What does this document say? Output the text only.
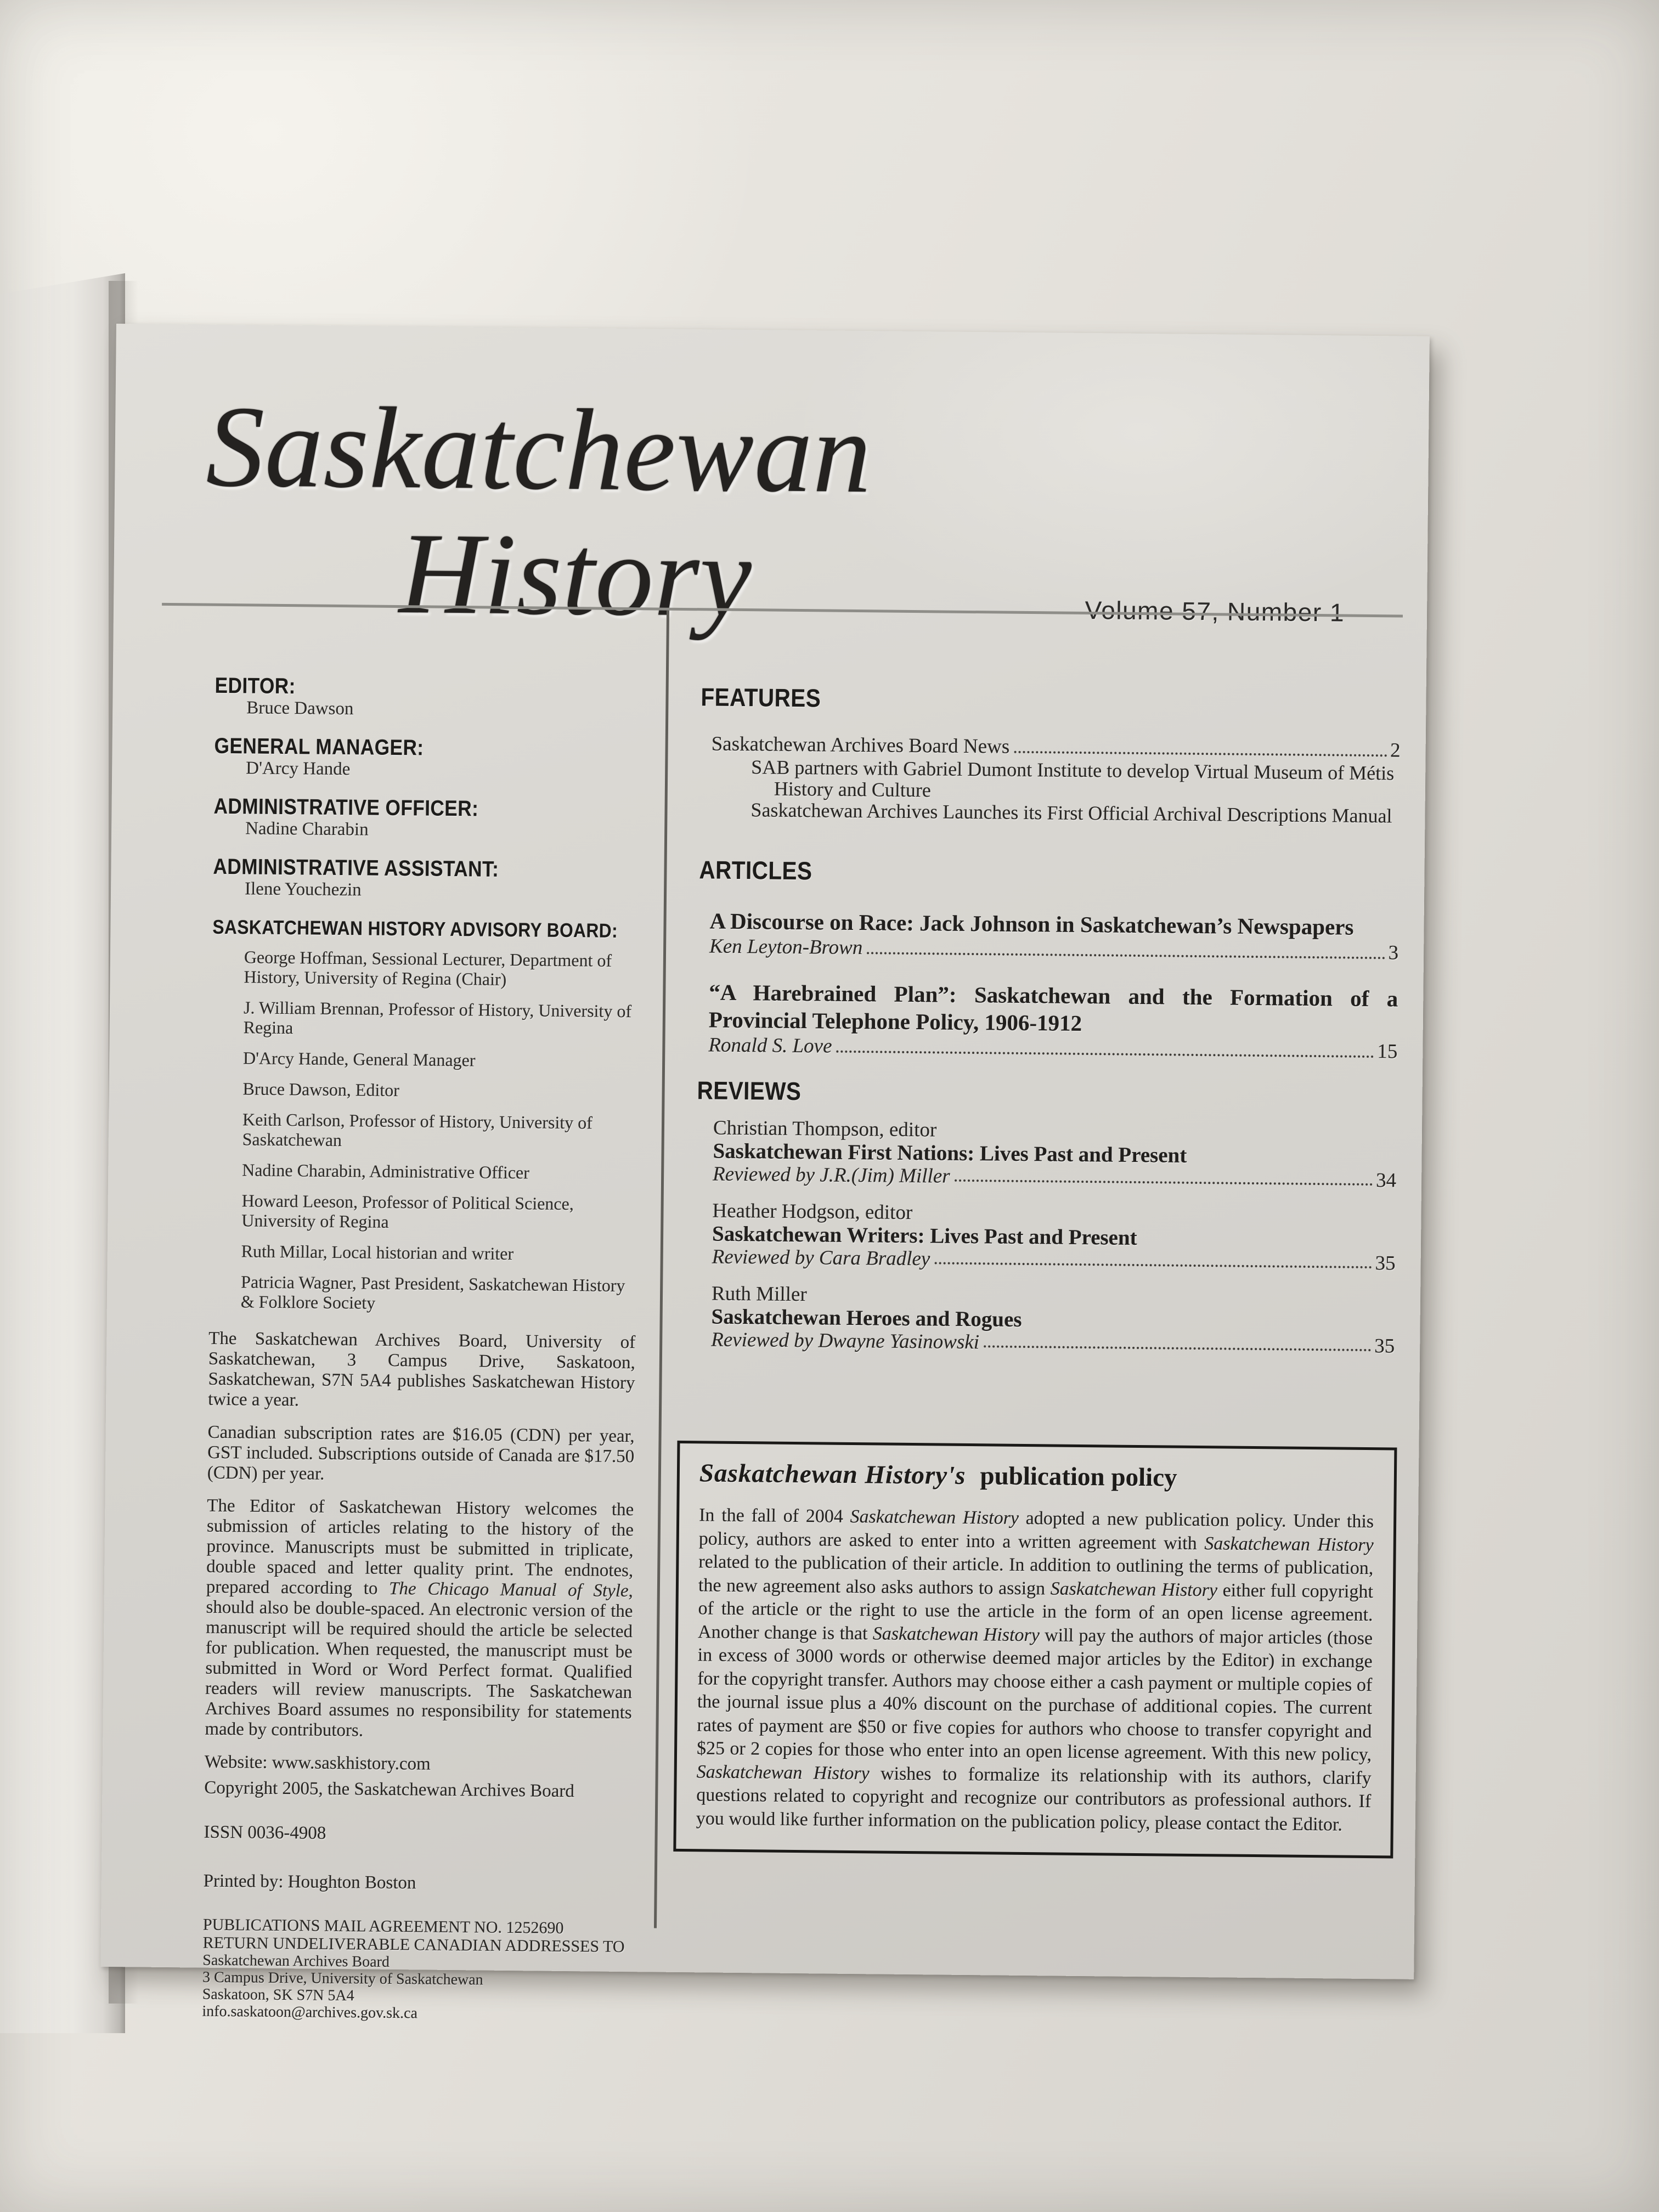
Saskatchewan
History	Volume 57, Number 1
EDITOR:
Bruce Dawson
GENERAL MANAGER:
D'Arcy Hande
ADMINISTRATIVE OFFICER:
Nadine Charabin
ADMINISTRATIVE ASSISTANT:
Ilene Youchezin
SASKATCHEWAN HISTORY ADVISORY BOARD:
George Hoffman, Sessional Lecturer, Department of History, University of Regina (Chair)
J. William Brennan, Professor of History, University of Regina
D'Arcy Hande, General Manager
Bruce Dawson, Editor
Keith Carlson, Professor of History, University of Saskatchewan
Nadine Charabin, Administrative Officer
Howard Leeson, Professor of Political Science, University of Regina
Ruth Millar, Local historian and writer
Patricia Wagner, Past President, Saskatchewan History & Folklore Society

The Saskatchewan Archives Board, University of Saskatchewan, 3 Campus Drive, Saskatoon, Saskatchewan, S7N 5A4 publishes Saskatchewan History twice a year.

Canadian subscription rates are $16.05 (CDN) per year, GST included. Subscriptions outside of Canada are $17.50 (CDN) per year.

The Editor of Saskatchewan History welcomes the submission of articles relating to the history of the province. Manuscripts must be submitted in triplicate, double spaced and letter quality print. The endnotes, prepared according to The Chicago Manual of Style, should also be double-spaced. An electronic version of the manuscript will be required should the article be selected for publication. When requested, the manuscript must be submitted in Word or Word Perfect format. Qualified readers will review manuscripts. The Saskatchewan Archives Board assumes no responsibility for statements made by contributors.

Website: www.saskhistory.com

Copyright 2005, the Saskatchewan Archives Board

ISSN 0036-4908

Printed by: Houghton Boston

PUBLICATIONS MAIL AGREEMENT NO. 1252690
RETURN UNDELIVERABLE CANADIAN ADDRESSES TO
Saskatchewan Archives Board
3 Campus Drive, University of Saskatchewan
Saskatoon, SK S7N 5A4
info.saskatoon@archives.gov.sk.ca
FEATURES
Saskatchewan Archives Board News	2

SAB partners with Gabriel Dumont Institute to develop Virtual Museum of Métis History and Culture

Saskatchewan Archives Launches its First Official Archival Descriptions Manual

ARTICLES

A Discourse on Race: Jack Johnson in Saskatchewan’s Newspapers

Ken Leyton-Brown	3

“A Harebrained Plan”: Saskatchewan and the Formation of a Provincial Telephone Policy, 1906-1912

Ronald S. Love	15
REVIEWS

Christian Thompson, editor

Saskatchewan First Nations: Lives Past and Present

Reviewed by J.R.(Jim) Miller	34

Heather Hodgson, editor

Saskatchewan Writers: Lives Past and Present

Reviewed by Cara Bradley	35

Ruth Miller

Saskatchewan Heroes and Rogues

Reviewed by Dwayne Yasinowski	35
Saskatchewan History's publication policy

In the fall of 2004 Saskatchewan History adopted a new publication policy. Under this policy, authors are asked to enter into a written agreement with Saskatchewan History related to the publication of their article. In addition to outlining the terms of publication, the new agreement also asks authors to assign Saskatchewan History either full copyright of the article or the right to use the article in the form of an open license agreement. Another change is that Saskatchewan History will pay the authors of major articles (those in excess of 3000 words or otherwise deemed major articles by the Editor) in exchange for the copyright transfer. Authors may choose either a cash payment or multiple copies of the journal issue plus a 40% discount on the purchase of additional copies. The current rates of payment are $50 or five copies for authors who choose to transfer copyright and $25 or 2 copies for those who enter into an open license agreement. With this new policy, Saskatchewan History wishes to formalize its relationship with its authors, clarify questions related to copyright and recognize our contributors as professional authors. If you would like further information on the publication policy, please contact the Editor.
